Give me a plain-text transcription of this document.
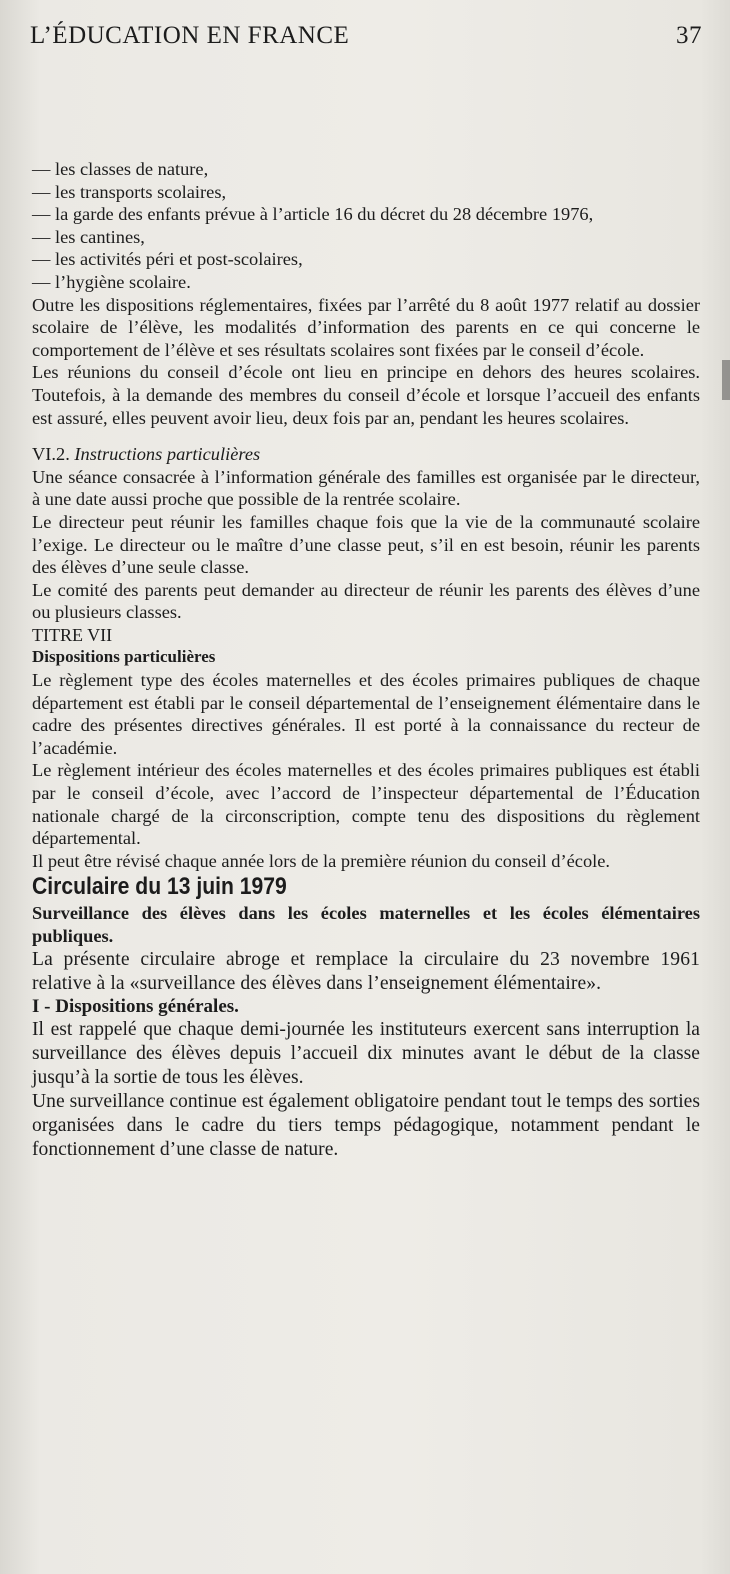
L’ÉDUCATION EN FRANCE	37

— les classes de nature,

— les transports scolaires,

— la garde des enfants prévue à l’article 16 du décret du 28 décembre 1976,

— les cantines,

— les activités péri et post-scolaires,

— l’hygiène scolaire.

Outre les dispositions réglementaires, fixées par l’arrêté du 8 août 1977 relatif au dossier scolaire de l’élève, les modalités d’information des parents en ce qui concerne le comportement de l’élève et ses résultats scolaires sont fixées par le conseil d’école.

Les réunions du conseil d’école ont lieu en principe en dehors des heures scolaires. Toutefois, à la demande des membres du conseil d’école et lorsque l’accueil des enfants est assuré, elles peuvent avoir lieu, deux fois par an, pendant les heures scolaires.

VI.2. Instructions particulières

Une séance consacrée à l’information générale des familles est organisée par le directeur, à une date aussi proche que possible de la rentrée scolaire.

Le directeur peut réunir les familles chaque fois que la vie de la communauté scolaire l’exige. Le directeur ou le maître d’une classe peut, s’il en est besoin, réunir les parents des élèves d’une seule classe.

Le comité des parents peut demander au directeur de réunir les parents des élèves d’une ou plusieurs classes.

TITRE VII

Dispositions particulières

Le règlement type des écoles maternelles et des écoles primaires publiques de chaque département est établi par le conseil départemental de l’enseignement élémentaire dans le cadre des présentes directives générales. Il est porté à la connaissance du recteur de l’académie.

Le règlement intérieur des écoles maternelles et des écoles primaires publiques est établi par le conseil d’école, avec l’accord de l’inspecteur départemental de l’Éducation nationale chargé de la circonscription, compte tenu des dispositions du règlement départemental.

Il peut être révisé chaque année lors de la première réunion du conseil d’école.

Circulaire du 13 juin 1979

Surveillance des élèves dans les écoles maternelles et les écoles élémentaires publiques.

La présente circulaire abroge et remplace la circulaire du 23 novembre 1961 relative à la «surveillance des élèves dans l’enseignement élémentaire».

I - Dispositions générales.

Il est rappelé que chaque demi-journée les instituteurs exercent sans interruption la surveillance des élèves depuis l’accueil dix minutes avant le début de la classe jusqu’à la sortie de tous les élèves.

Une surveillance continue est également obligatoire pendant tout le temps des sorties organisées dans le cadre du tiers temps pédagogique, notamment pendant le fonctionnement d’une classe de nature.
